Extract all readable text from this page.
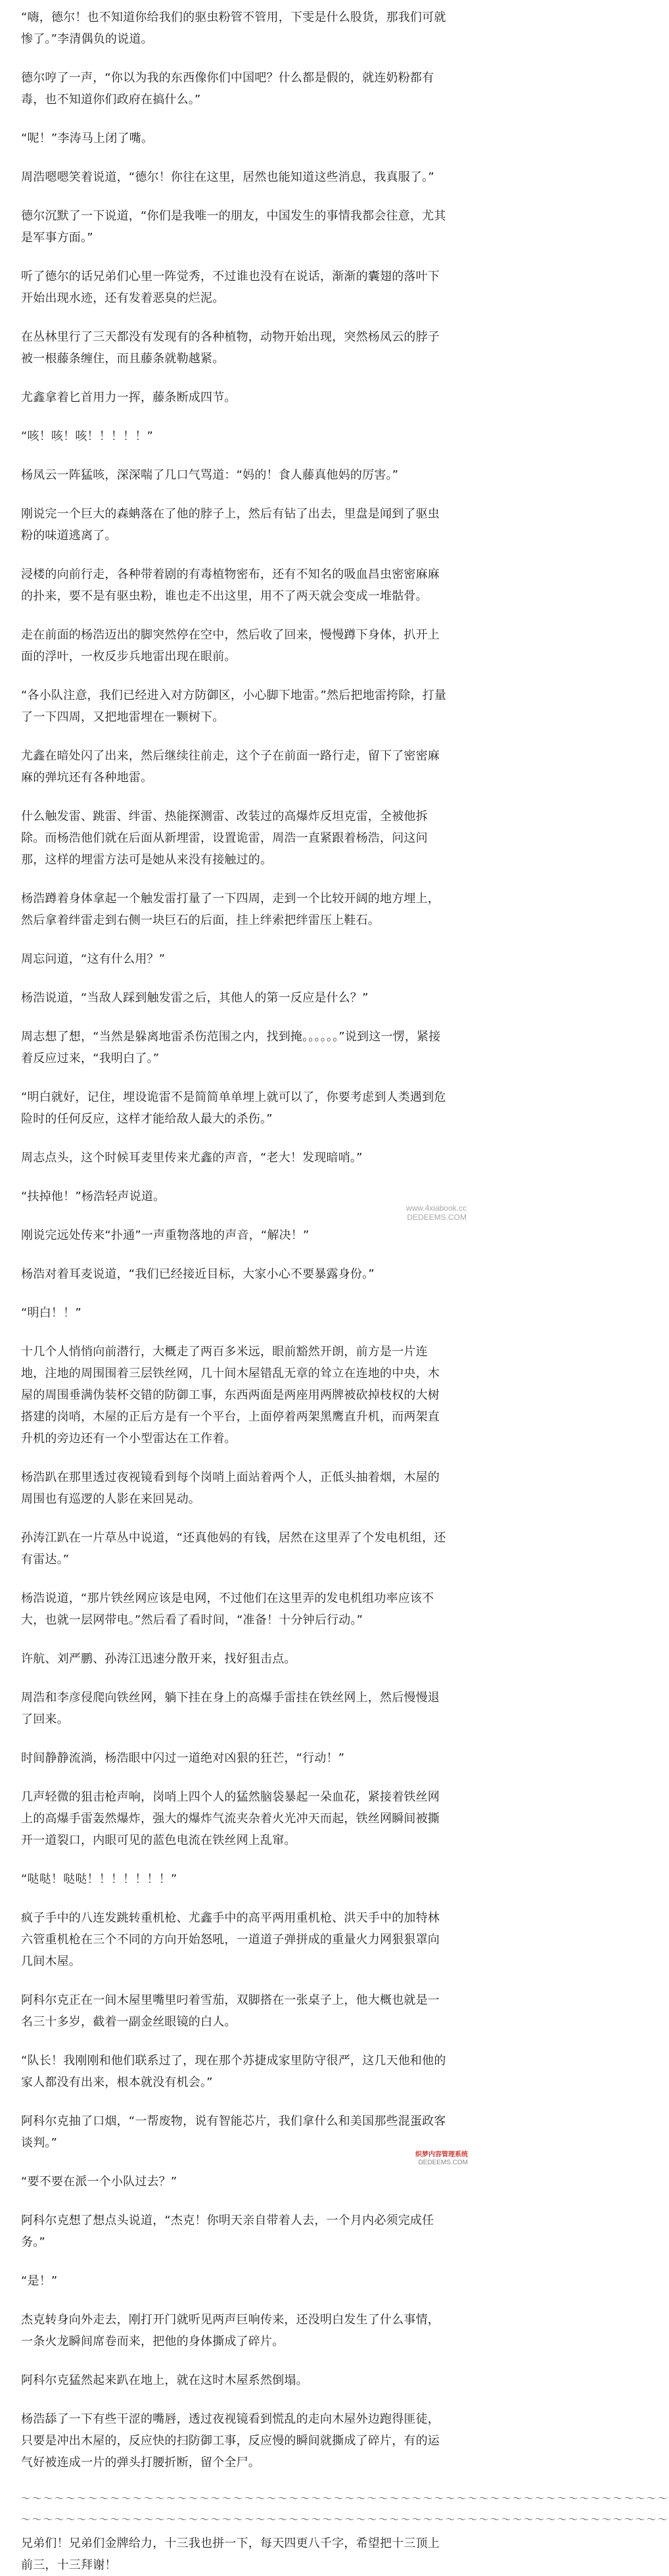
“嗨，德尔！也不知道你给我们的驱虫粉管不管用，下雯是什么股货，那我们可就惨了。”李清偶负的说道。

德尔哼了一声，“你以为我的东西像你们中国吧？什么都是假的，就连奶粉都有毒，也不知道你们政府在搞什么。”

“呢！”李涛马上闭了嘴。

周浩嗯嗯笑着说道，“德尔！你往在这里，居然也能知道这些消息，我真服了。”

德尔沉默了一下说道，“你们是我唯一的朋友，中国发生的事情我都会往意，尤其是军事方面。”

听了德尔的话兄弟们心里一阵觉秀，不过谁也没有在说话，渐渐的囊翅的落叶下开始出现水迹，还有发着恶臭的烂泥。

在丛林里行了三天都没有发现有的各种植物，动物开始出现，突然杨凤云的脖子被一根藤条缠住，而且藤条就勒越紧。

尤鑫拿着匕首用力一挥，藤条断成四节。

“咳！咳！咳！！！！！”

杨凤云一阵猛咳，深深喘了几口气骂道：“妈的！食人藤真他妈的厉害。”

刚说完一个巨大的森蚺落在了他的脖子上，然后有钻了出去，里盘是闻到了驱虫粉的味道逃离了。

浸楼的向前行走，各种带着剧的有毒植物密布，还有不知名的吸血昌虫密密麻麻的扑来，要不是有驱虫粉，谁也走不出这里，用不了两天就会变成一堆骷骨。

走在前面的杨浩迈出的脚突然停在空中，然后收了回来，慢慢蹲下身体，扒开上面的浮叶，一枚反步兵地雷出现在眼前。

“各小队注意，我们已经进入对方防御区，小心脚下地雷。”然后把地雷挎除，打量了一下四周，又把地雷埋在一颗树下。

尤鑫在暗处闪了出来，然后继续往前走，这个子在前面一路行走，留下了密密麻麻的弹坑还有各种地雷。

什么触发雷、跳雷、绊雷、热能探测雷、改装过的高爆炸反坦克雷，全被他拆除。而杨浩他们就在后面从新埋雷，设置诡雷，周浩一直紧跟着杨浩，问这问那，这样的埋雷方法可是她从来没有接触过的。

杨浩蹲着身体拿起一个触发雷打量了一下四周，走到一个比较开阔的地方埋上，然后拿着绊雷走到右侧一块巨石的后面，挂上绊索把绊雷压上鞋石。

周忘问道，“这有什么用？”

杨浩说道，“当敌人踩到触发雷之后，其他人的第一反应是什么？”

周志想了想，“当然是躲离地雷杀伤范围之内，找到掩。。。。。。”说到这一愣，紧接着反应过来，“我明白了。”

“明白就好，记住，埋设诡雷不是简简单单埋上就可以了，你要考虑到人类遇到危险时的任何反应，这样才能给敌人最大的杀伤。”

周志点头，这个时候耳麦里传来尤鑫的声音，“老大！发现暗哨。”

“扶掉他！”杨浩轻声说道。

刚说完远处传来“扑通”一声重物落地的声音，“解决！”

杨浩对着耳麦说道，“我们已经接近目标，大家小心不要暴露身份。”

“明白！！”

十几个人悄悄向前潜行，大概走了两百多米远，眼前豁然开朗，前方是一片连地，注地的周围围着三层铁丝网，几十间木屋错乱无章的耸立在连地的中央，木屋的周围垂满伪装杯交错的防御工事，东西两面是两座用两牌被砍掉枝权的大树搭建的岗哨，木屋的正后方是有一个平台，上面停着两架黑鹰直升机，而两架直升机的旁边还有一个小型雷达在工作着。

杨浩趴在那里透过夜视镜看到每个岗哨上面站着两个人，正低头抽着烟，木屋的周围也有巡逻的人影在来回晃动。

孙涛江趴在一片草丛中说道，“还真他妈的有钱，居然在这里弄了个发电机组，还有雷达。”

杨浩说道，“那片铁丝网应该是电网，不过他们在这里弄的发电机组功率应该不大，也就一层网带电。”然后看了看时间，“准备！十分钟后行动。”

许航、刘严鹏、孙涛江迅速分散开来，找好狙击点。

周浩和李彦侵爬向铁丝网，躺下挂在身上的高爆手雷挂在铁丝网上，然后慢慢退了回来。

时间静静流淌，杨浩眼中闪过一道绝对凶狠的狂芒，“行动！”

几声轻微的狙击枪声响，岗哨上四个人的猛然脑袋暴起一朵血花，紧接着铁丝网上的高爆手雷轰然爆炸，强大的爆炸气流夹杂着火光冲天而起，铁丝网瞬间被撕开一道裂口，内眼可见的蓝色电流在铁丝网上乱窜。

“哒哒！哒哒！！！！！！！”

疯子手中的八连发跳转重机枪、尤鑫手中的高平两用重机枪、洪天手中的加特林六管重机枪在三个不同的方向开始怒吼，一道道子弹拼成的重量火力网狠狠罩向几间木屋。

阿科尔克正在一间木屋里嘴里叼着雪茄，双脚搭在一张桌子上，他大概也就是一名三十多岁，截着一副金丝眼镜的白人。

“队长！我刚刚和他们联系过了，现在那个苏捷成家里防守很严，这几天他和他的家人都没有出来，根本就没有机会。”

阿科尔克抽了口烟，“一帮废物，说有智能芯片，我们拿什么和美国那些混蛋政客谈判。”

“要不要在派一个小队过去？”

阿科尔克想了想点头说道，“杰克！你明天亲自带着人去，一个月内必须完成任务。”

“是！”

杰克转身向外走去，刚打开门就听见两声巨响传来，还没明白发生了什么事情，一条火龙瞬间席卷而来，把他的身体撕成了碎片。

阿科尔克猛然起来趴在地上，就在这时木屋系然倒塌。

杨浩舔了一下有些干涩的嘴唇，透过夜视镜看到慌乱的走向木屋外边跑得匪徒，只要是冲出木屋的，反应快的扫防御工事，反应慢的瞬间就撕成了碎片，有的运气好被连成一片的弹头打腰折断，留个全尸。

～～～～～～～～～～～～～～～～～～～～～～～～～～～～～～～～～～～～～～～～～～～～～～～～～～～～～～～～～～
～～～～～～～～～～～～～～～～～～～～～～～～～～～～～～～～～～～～～～～～～～～～～～～～～～～～～～～～～～

兄弟们！兄弟们金牌给力，十三我也拼一下，每天四更八千字，希望把十三顶上前三，十三拜谢！

www.4xiabook.cc
DEDEEMS.COM
织梦内容管理系统
DEDEEMS.COM
